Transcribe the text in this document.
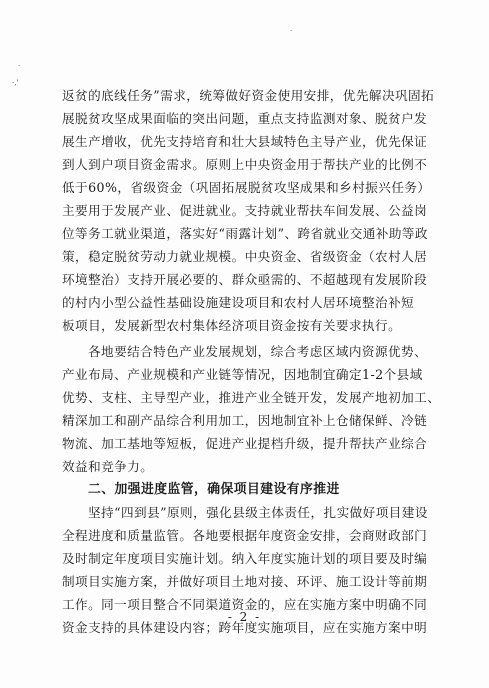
·
·
·,'
返贫的底线任务”需求，统筹做好资金使用安排，优先解决巩固拓
展脱贫攻坚成果面临的突出问题，重点支持监测对象、脱贫户发
展生产增收，优先支持培育和壮大县域特色主导产业，优先保证
到人到户项目资金需求。原则上中央资金用于帮扶产业的比例不
低于60%，省级资金（巩固拓展脱贫攻坚成果和乡村振兴任务）
主要用于发展产业、促进就业。支持就业帮扶车间发展、公益岗
位等务工就业渠道，落实好“雨露计划”、跨省就业交通补助等政
策，稳定脱贫劳动力就业规模。中央资金、省级资金（农村人居
环境整治）支持开展必要的、群众亟需的、不超越现有发展阶段
的村内小型公益性基础设施建设项目和农村人居环境整治补短
板项目，发展新型农村集体经济项目资金按有关要求执行。
各地要结合特色产业发展规划，综合考虑区域内资源优势、
产业布局、产业规模和产业链等情况，因地制宜确定1-2个县域
优势、支柱、主导型产业，推进产业全链开发，发展产地初加工、
精深加工和副产品综合利用加工，因地制宜补上仓储保鲜、冷链
物流、加工基地等短板，促进产业提档升级，提升帮扶产业综合
效益和竞争力。
二、加强进度监管，确保项目建设有序推进
坚持“四到县”原则，强化县级主体责任，扎实做好项目建设
全程进度和质量监管。各地要根据年度资金安排，会商财政部门
及时制定年度项目实施计划。纳入年度实施计划的项目要及时编
制项目实施方案，并做好项目土地对接、环评、施工设计等前期
工作。同一项目整合不同渠道资金的，应在实施方案中明确不同
资金支持的具体建设内容；跨年度实施项目，应在实施方案中明
- 2 -
